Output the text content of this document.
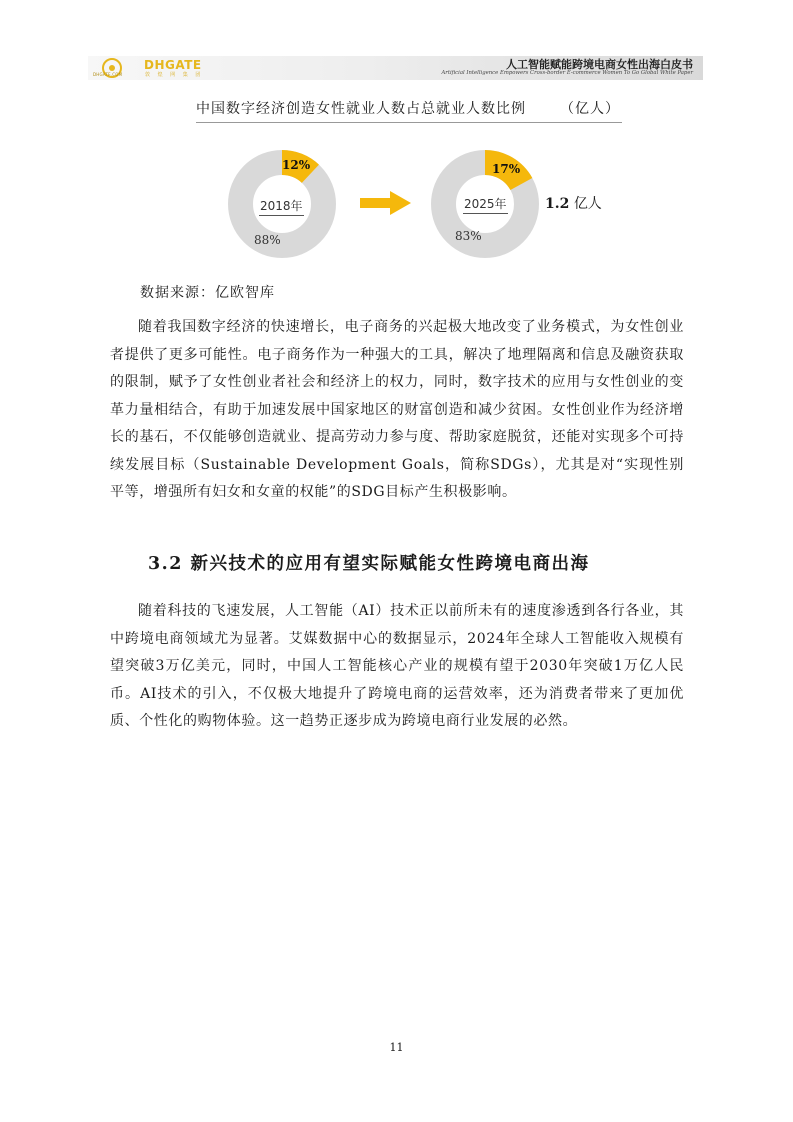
DHGATE.COM
DHGATE
敦 煌 网 集 团
人工智能赋能跨境电商女性出海白皮书
Artificial Intelligence Empowers Cross-border E-commerce Women To Go Global White Paper
中国数字经济创造女性就业人数占总就业人数比例 （亿人）
12%
2018年
88%
17%
2025年
83%
1.2 亿人
数据来源：亿欧智库

随着我国数字经济的快速增长，电子商务的兴起极大地改变了业务模式，为女性创业者提供了更多可能性。电子商务作为一种强大的工具，解决了地理隔离和信息及融资获取的限制，赋予了女性创业者社会和经济上的权力，同时，数字技术的应用与女性创业的变革力量相结合，有助于加速发展中国家地区的财富创造和减少贫困。女性创业作为经济增长的基石，不仅能够创造就业、提高劳动力参与度、帮助家庭脱贫，还能对实现多个可持续发展目标（Sustainable Development Goals，简称SDGs），尤其是对“实现性别平等，增强所有妇女和女童的权能”的SDG目标产生积极影响。

3.2 新兴技术的应用有望实际赋能女性跨境电商出海

随着科技的飞速发展，人工智能（AI）技术正以前所未有的速度渗透到各行各业，其中跨境电商领域尤为显著。艾媒数据中心的数据显示，2024年全球人工智能收入规模有望突破3万亿美元，同时，中国人工智能核心产业的规模有望于2030年突破1万亿人民币。AI技术的引入，不仅极大地提升了跨境电商的运营效率，还为消费者带来了更加优质、个性化的购物体验。这一趋势正逐步成为跨境电商行业发展的必然。

11
